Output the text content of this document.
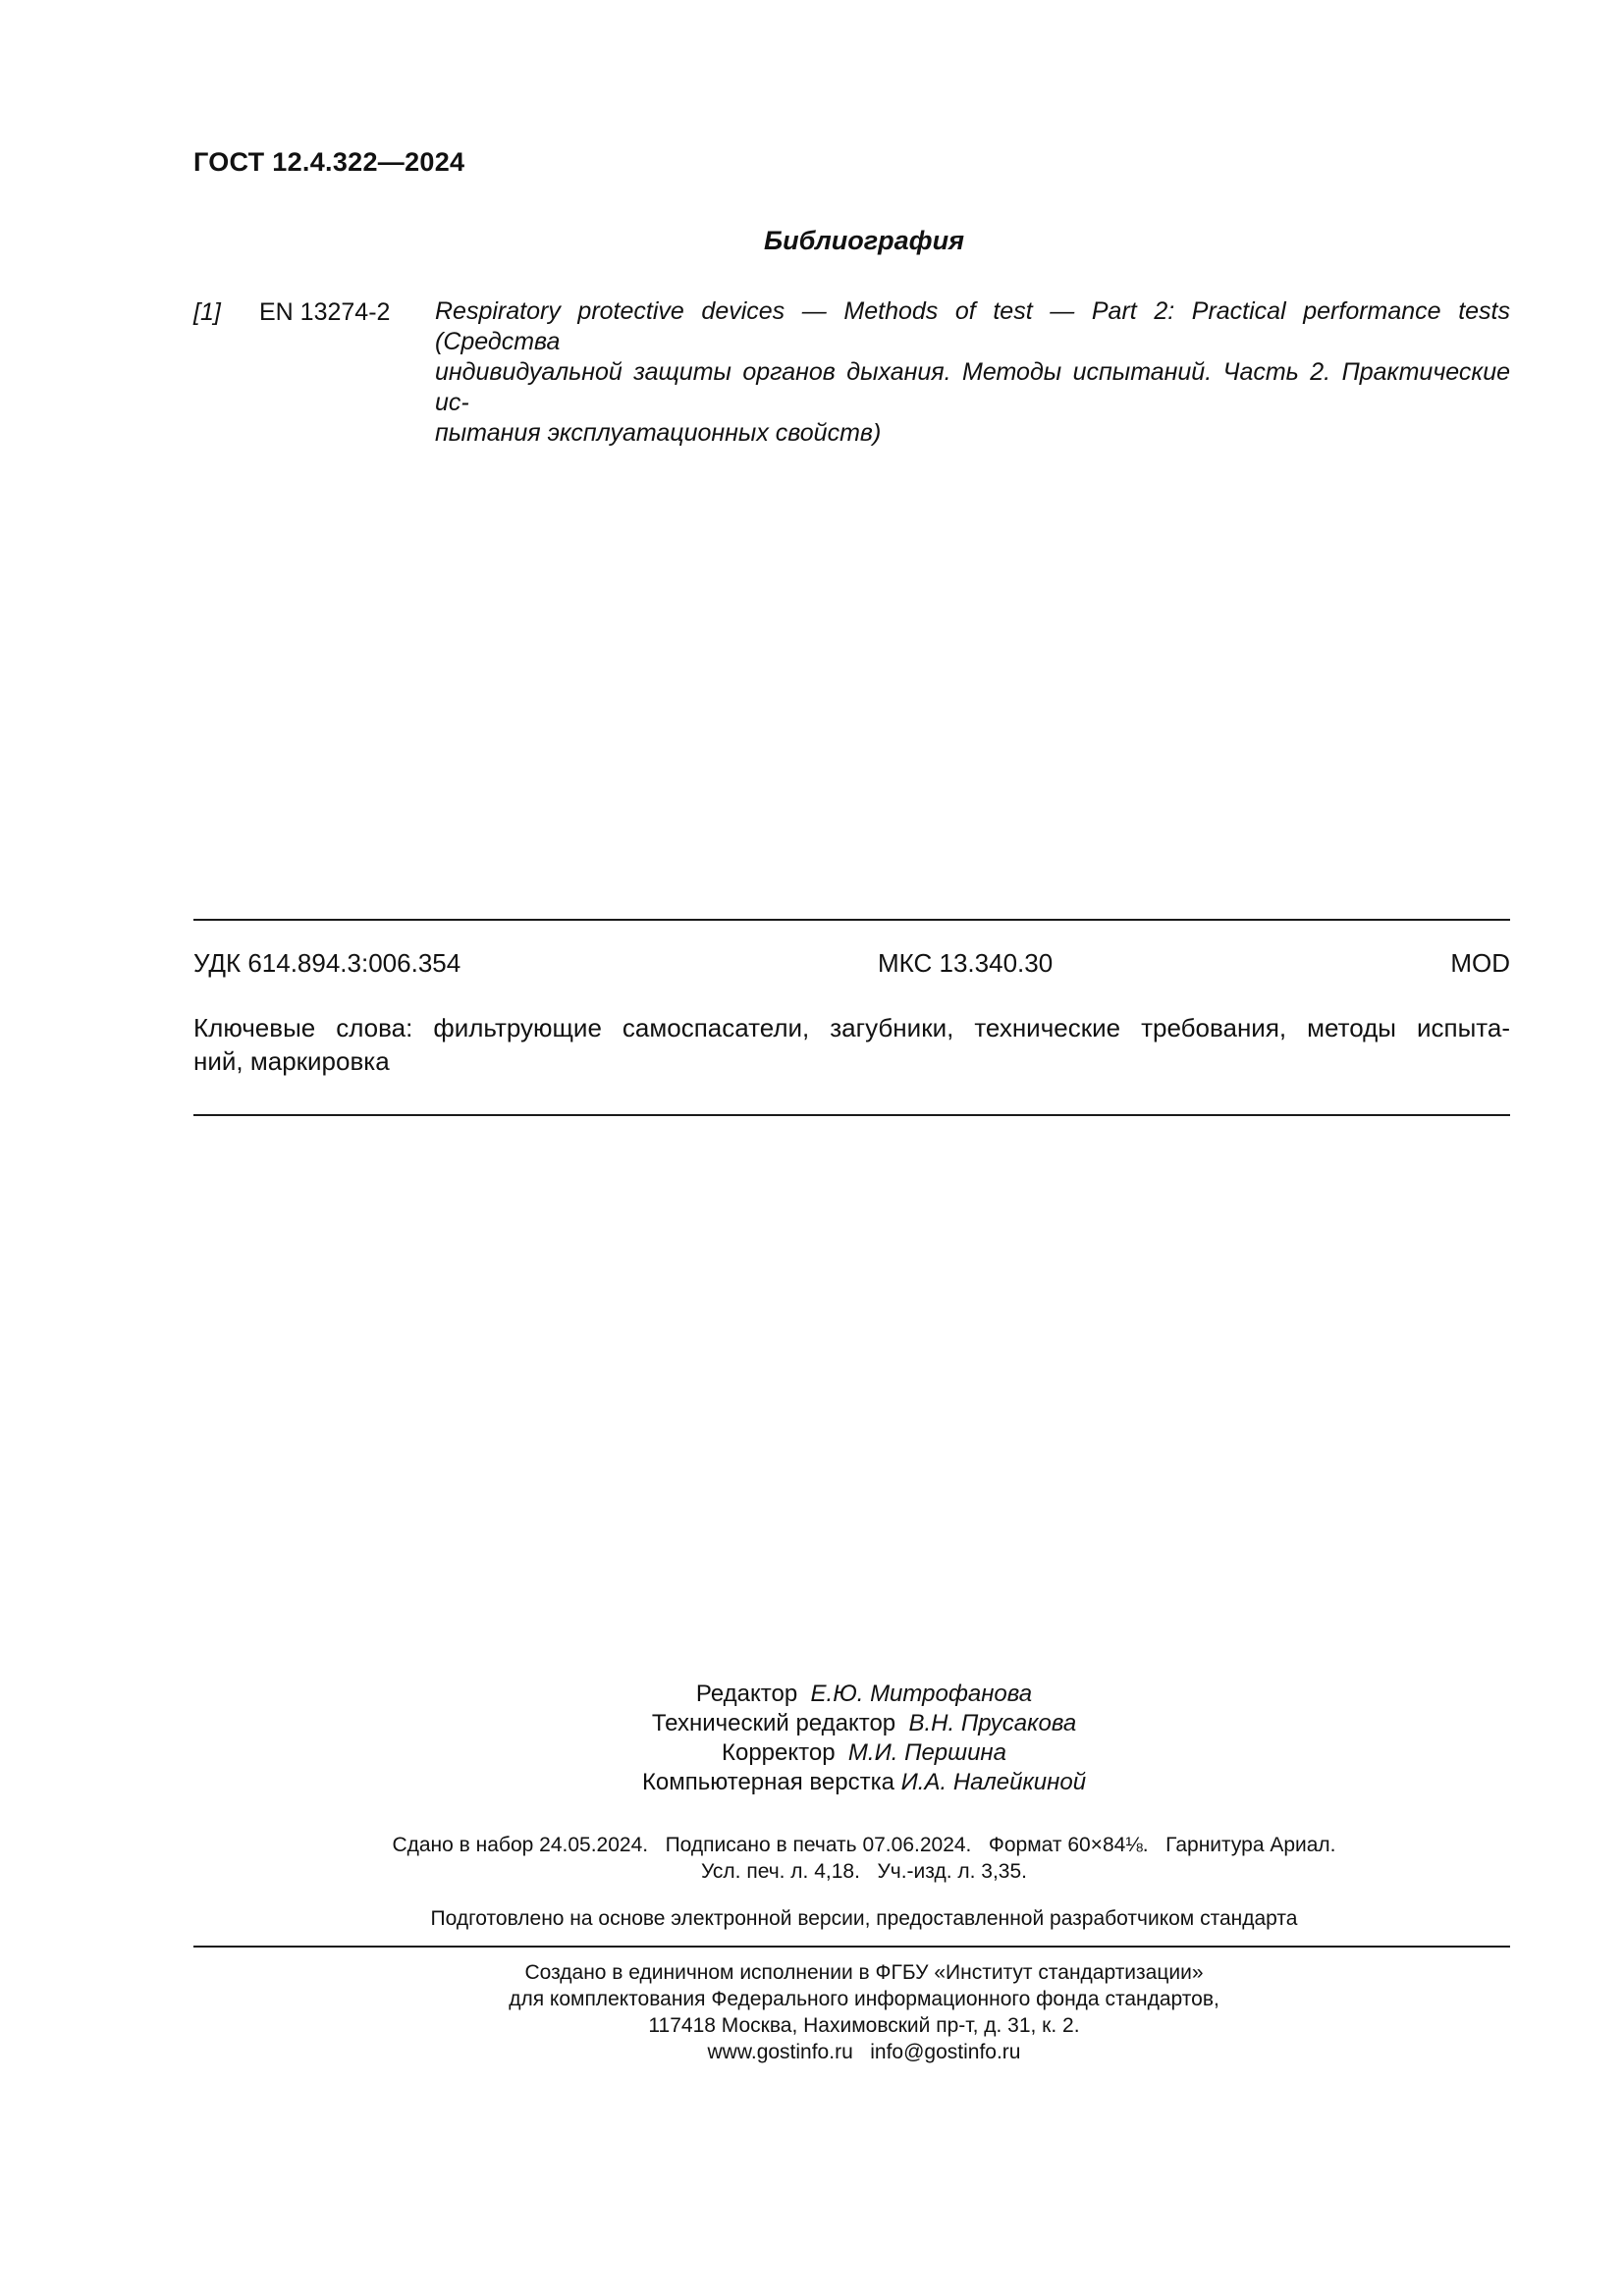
ГОСТ 12.4.322—2024
Библиография
[1] EN 13274-2 Respiratory protective devices — Methods of test — Part 2: Practical performance tests (Средства
индивидуальной защиты органов дыхания. Методы испытаний. Часть 2. Практические ис-
пытания эксплуатационных свойств)

УДК 614.894.3:006.354	МКС 13.340.30	MOD

Ключевые слова: фильтрующие самоспасатели, загубники, технические требования, методы испыта-
ний, маркировка

Редактор Е.Ю. Митрофанова
Технический редактор В.Н. Прусакова
Корректор М.И. Першина
Компьютерная верстка И.А. Налейкиной
Сдано в набор 24.05.2024.   Подписано в печать 07.06.2024.   Формат 60×84⅛.   Гарнитура Ариал.
Усл. печ. л. 4,18.   Уч.-изд. л. 3,35.
Подготовлено на основе электронной версии, предоставленной разработчиком стандарта
Создано в единичном исполнении в ФГБУ «Институт стандартизации»
для комплектования Федерального информационного фонда стандартов,
117418 Москва, Нахимовский пр-т, д. 31, к. 2.
www.gostinfo.ru   info@gostinfo.ru
